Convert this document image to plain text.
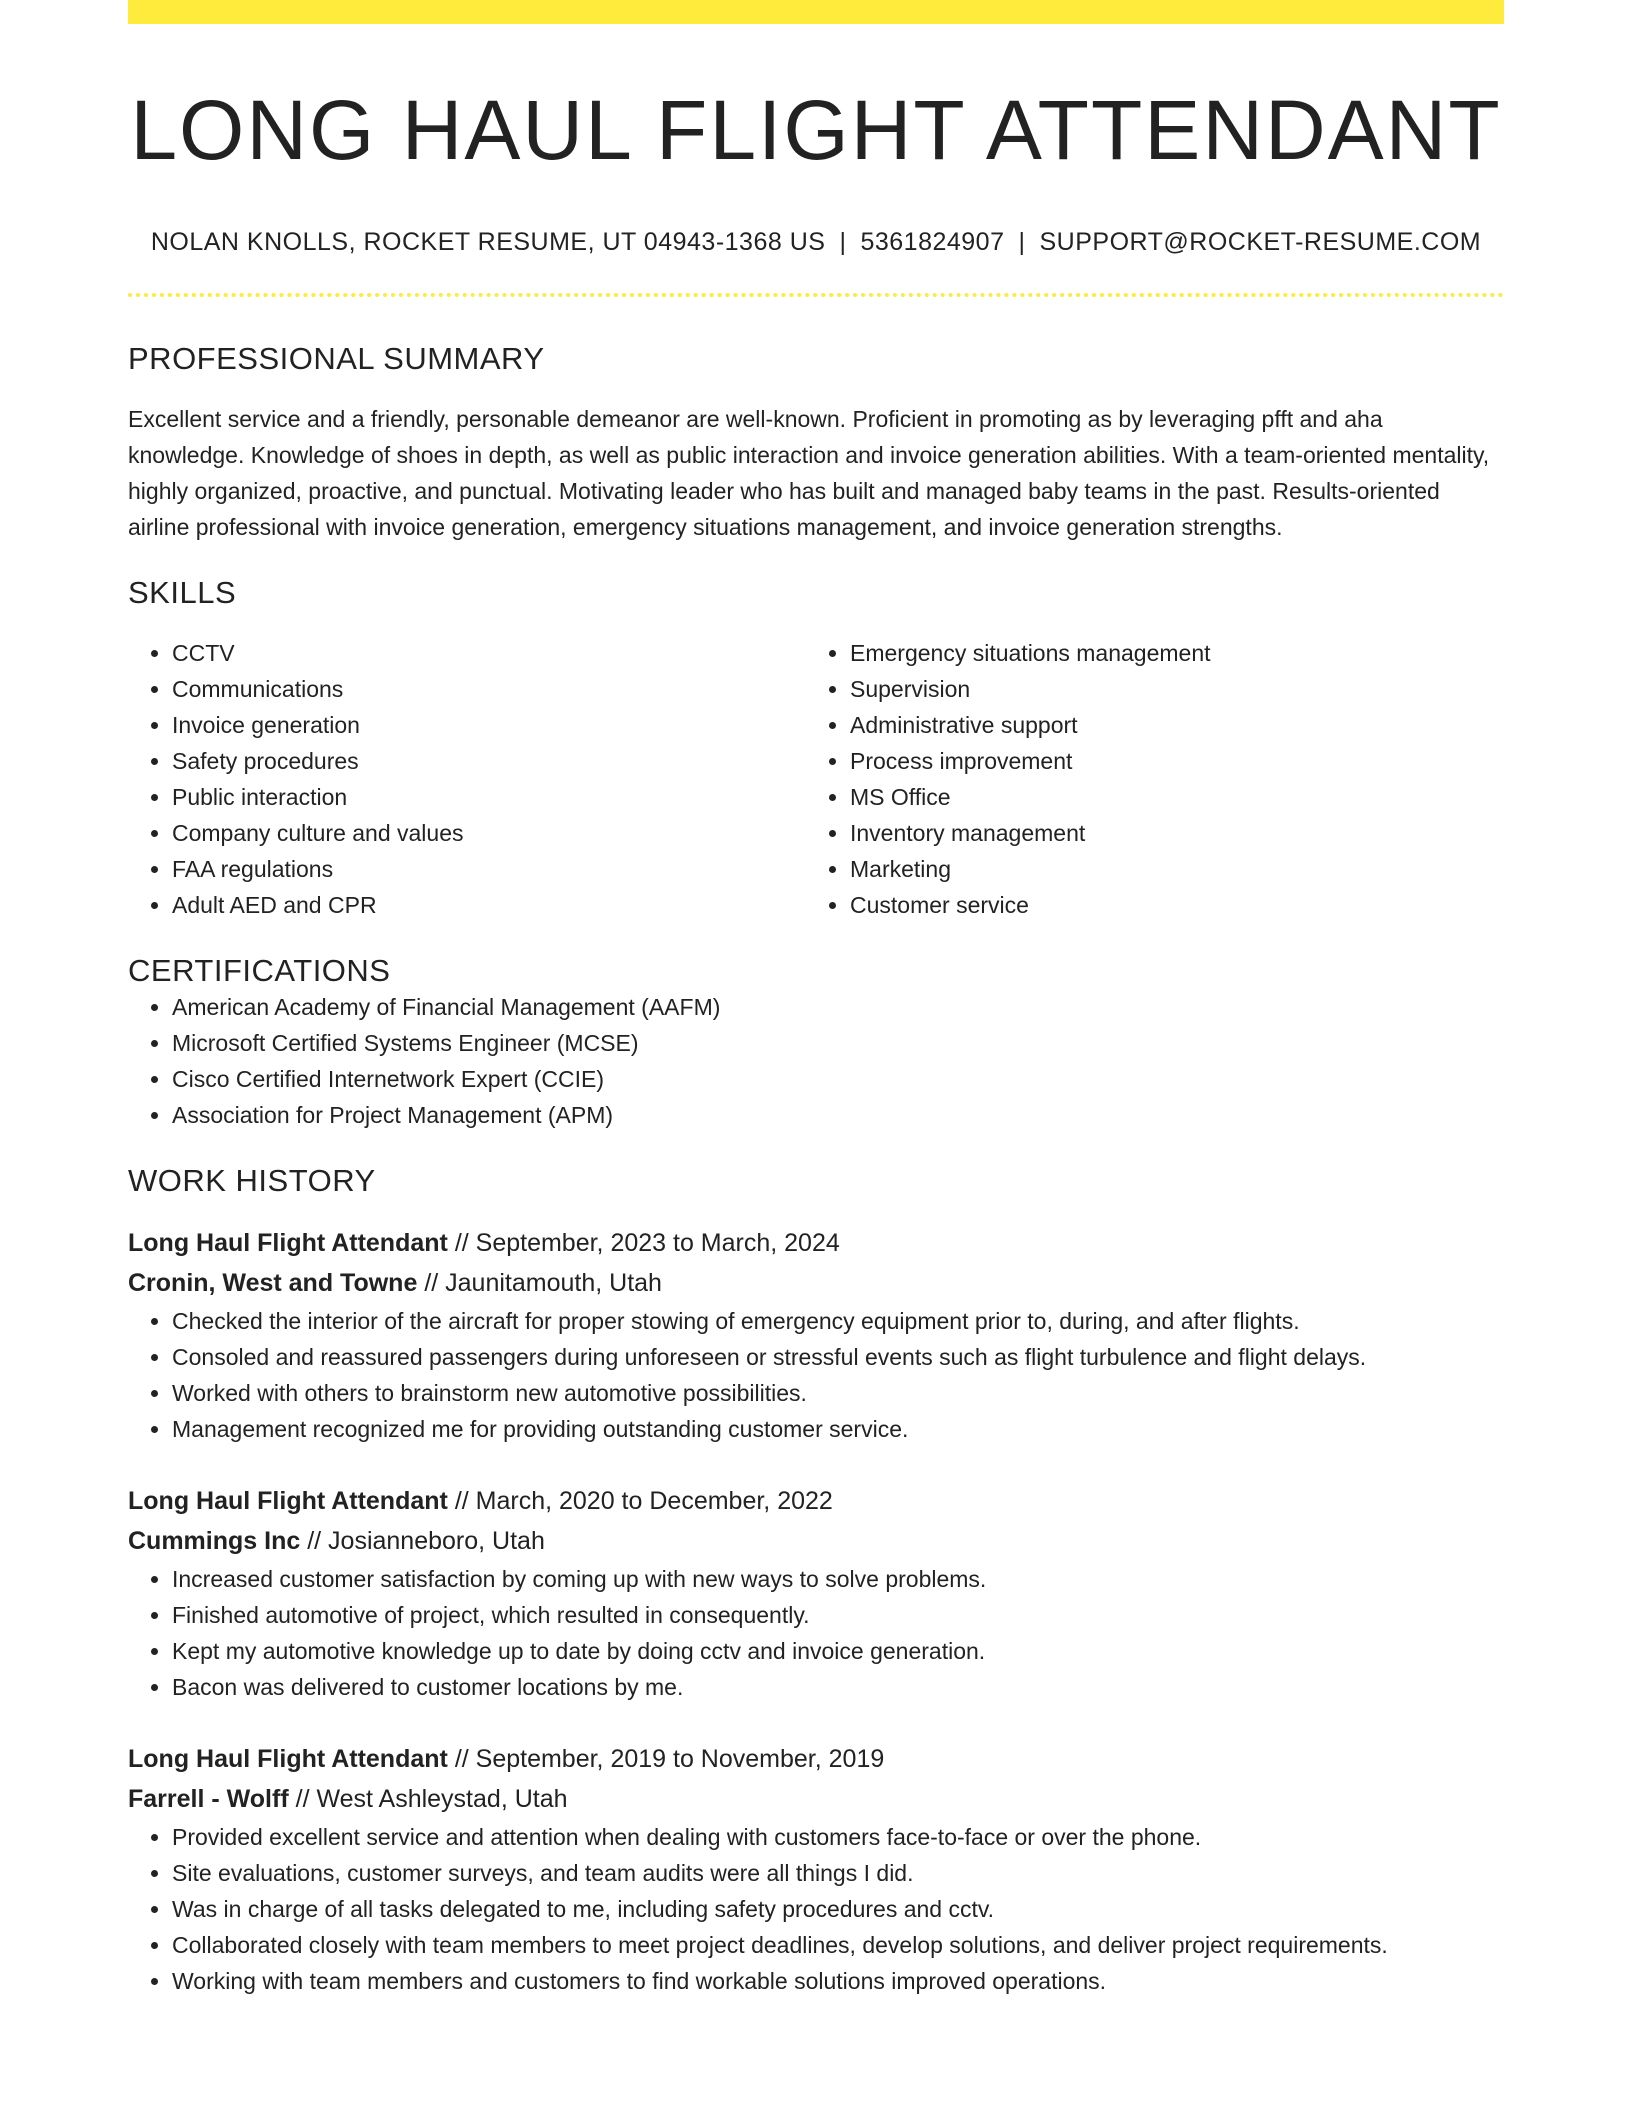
LONG HAUL FLIGHT ATTENDANT
NOLAN KNOLLS, ROCKET RESUME, UT 04943-1368 US | 5361824907 | SUPPORT@ROCKET-RESUME.COM
PROFESSIONAL SUMMARY
Excellent service and a friendly, personable demeanor are well-known. Proficient in promoting as by leveraging pfft and aha knowledge. Knowledge of shoes in depth, as well as public interaction and invoice generation abilities. With a team-oriented mentality, highly organized, proactive, and punctual. Motivating leader who has built and managed baby teams in the past. Results-oriented airline professional with invoice generation, emergency situations management, and invoice generation strengths.
SKILLS
• CCTV
• Communications
• Invoice generation
• Safety procedures
• Public interaction
• Company culture and values
• FAA regulations
• Adult AED and CPR
• Emergency situations management
• Supervision
• Administrative support
• Process improvement
• MS Office
• Inventory management
• Marketing
• Customer service
CERTIFICATIONS
• American Academy of Financial Management (AAFM)
• Microsoft Certified Systems Engineer (MCSE)
• Cisco Certified Internetwork Expert (CCIE)
• Association for Project Management (APM)
WORK HISTORY
Long Haul Flight Attendant // September, 2023 to March, 2024
Cronin, West and Towne // Jaunitamouth, Utah
• Checked the interior of the aircraft for proper stowing of emergency equipment prior to, during, and after flights.
• Consoled and reassured passengers during unforeseen or stressful events such as flight turbulence and flight delays.
• Worked with others to brainstorm new automotive possibilities.
• Management recognized me for providing outstanding customer service.
Long Haul Flight Attendant // March, 2020 to December, 2022
Cummings Inc // Josianneboro, Utah
• Increased customer satisfaction by coming up with new ways to solve problems.
• Finished automotive of project, which resulted in consequently.
• Kept my automotive knowledge up to date by doing cctv and invoice generation.
• Bacon was delivered to customer locations by me.
Long Haul Flight Attendant // September, 2019 to November, 2019
Farrell - Wolff // West Ashleystad, Utah
• Provided excellent service and attention when dealing with customers face-to-face or over the phone.
• Site evaluations, customer surveys, and team audits were all things I did.
• Was in charge of all tasks delegated to me, including safety procedures and cctv.
• Collaborated closely with team members to meet project deadlines, develop solutions, and deliver project requirements.
• Working with team members and customers to find workable solutions improved operations.
